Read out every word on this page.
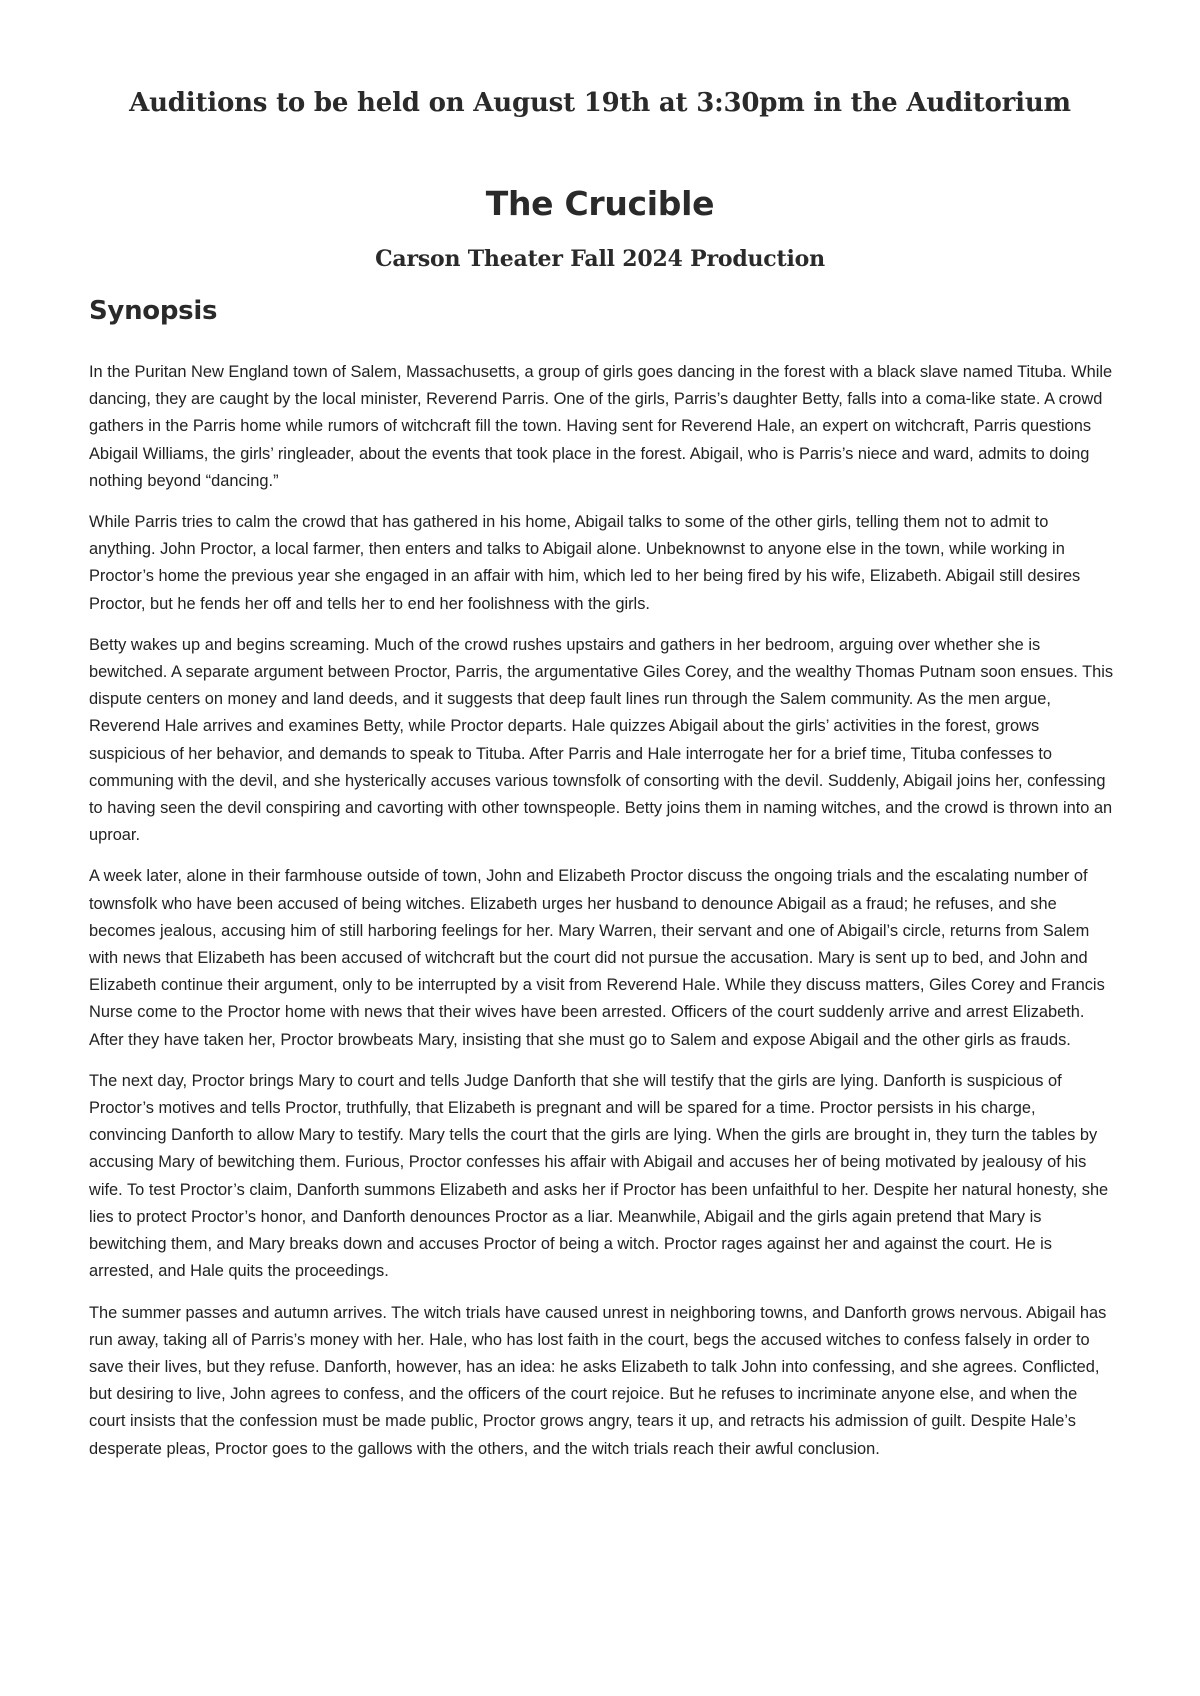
Auditions to be held on August 19th at 3:30pm in the Auditorium
The Crucible
Carson Theater Fall 2024 Production
Synopsis

In the Puritan New England town of Salem, Massachusetts, a group of girls goes dancing in the forest with a black slave named Tituba. While dancing, they are caught by the local minister, Reverend Parris. One of the girls, Parris’s daughter Betty, falls into a coma-like state. A crowd gathers in the Parris home while rumors of witchcraft fill the town. Having sent for Reverend Hale, an expert on witchcraft, Parris questions Abigail Williams, the girls’ ringleader, about the events that took place in the forest. Abigail, who is Parris’s niece and ward, admits to doing nothing beyond “dancing.”

While Parris tries to calm the crowd that has gathered in his home, Abigail talks to some of the other girls, telling them not to admit to anything. John Proctor, a local farmer, then enters and talks to Abigail alone. Unbeknownst to anyone else in the town, while working in Proctor’s home the previous year she engaged in an affair with him, which led to her being fired by his wife, Elizabeth. Abigail still desires Proctor, but he fends her off and tells her to end her foolishness with the girls.

Betty wakes up and begins screaming. Much of the crowd rushes upstairs and gathers in her bedroom, arguing over whether she is bewitched. A separate argument between Proctor, Parris, the argumentative Giles Corey, and the wealthy Thomas Putnam soon ensues. This dispute centers on money and land deeds, and it suggests that deep fault lines run through the Salem community. As the men argue, Reverend Hale arrives and examines Betty, while Proctor departs. Hale quizzes Abigail about the girls’ activities in the forest, grows suspicious of her behavior, and demands to speak to Tituba. After Parris and Hale interrogate her for a brief time, Tituba confesses to communing with the devil, and she hysterically accuses various townsfolk of consorting with the devil. Suddenly, Abigail joins her, confessing to having seen the devil conspiring and cavorting with other townspeople. Betty joins them in naming witches, and the crowd is thrown into an uproar.

A week later, alone in their farmhouse outside of town, John and Elizabeth Proctor discuss the ongoing trials and the escalating number of townsfolk who have been accused of being witches. Elizabeth urges her husband to denounce Abigail as a fraud; he refuses, and she becomes jealous, accusing him of still harboring feelings for her. Mary Warren, their servant and one of Abigail’s circle, returns from Salem with news that Elizabeth has been accused of witchcraft but the court did not pursue the accusation. Mary is sent up to bed, and John and Elizabeth continue their argument, only to be interrupted by a visit from Reverend Hale. While they discuss matters, Giles Corey and Francis Nurse come to the Proctor home with news that their wives have been arrested. Officers of the court suddenly arrive and arrest Elizabeth. After they have taken her, Proctor browbeats Mary, insisting that she must go to Salem and expose Abigail and the other girls as frauds.

The next day, Proctor brings Mary to court and tells Judge Danforth that she will testify that the girls are lying. Danforth is suspicious of Proctor’s motives and tells Proctor, truthfully, that Elizabeth is pregnant and will be spared for a time. Proctor persists in his charge, convincing Danforth to allow Mary to testify. Mary tells the court that the girls are lying. When the girls are brought in, they turn the tables by accusing Mary of bewitching them. Furious, Proctor confesses his affair with Abigail and accuses her of being motivated by jealousy of his wife. To test Proctor’s claim, Danforth summons Elizabeth and asks her if Proctor has been unfaithful to her. Despite her natural honesty, she lies to protect Proctor’s honor, and Danforth denounces Proctor as a liar. Meanwhile, Abigail and the girls again pretend that Mary is bewitching them, and Mary breaks down and accuses Proctor of being a witch. Proctor rages against her and against the court. He is arrested, and Hale quits the proceedings.

The summer passes and autumn arrives. The witch trials have caused unrest in neighboring towns, and Danforth grows nervous. Abigail has run away, taking all of Parris’s money with her. Hale, who has lost faith in the court, begs the accused witches to confess falsely in order to save their lives, but they refuse. Danforth, however, has an idea: he asks Elizabeth to talk John into confessing, and she agrees. Conflicted, but desiring to live, John agrees to confess, and the officers of the court rejoice. But he refuses to incriminate anyone else, and when the court insists that the confession must be made public, Proctor grows angry, tears it up, and retracts his admission of guilt. Despite Hale’s desperate pleas, Proctor goes to the gallows with the others, and the witch trials reach their awful conclusion.
